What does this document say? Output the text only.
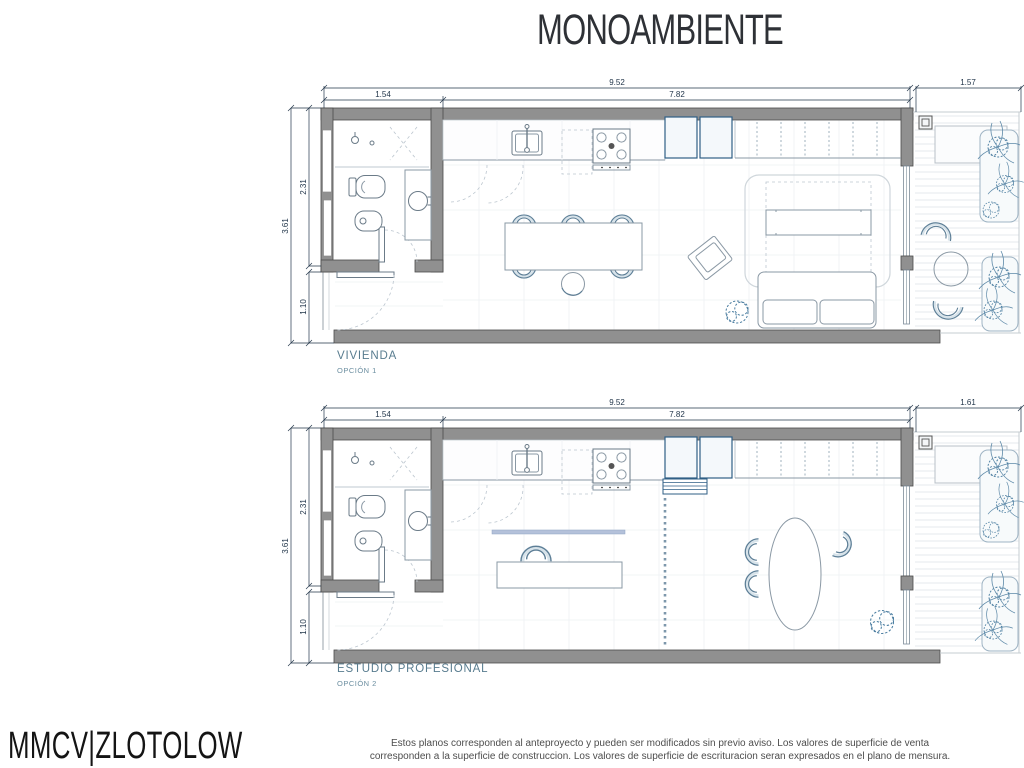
MONOAMBIENTE
9.52
1.54	7.82
1.57
3.61
2.31
1.10
9.52
1.54	7.82
1.61
3.61
2.31
1.10
VIVIENDA
OPCIÓN 1
ESTUDIO PROFESIONAL
OPCIÓN 2
MMCV|ZLOTOLOW	Estos planos corresponden al anteproyecto y pueden ser modificados sin previo aviso. Los valores de superficie de venta
corresponden a la superficie de construccion. Los valores de superficie de escrituracion seran expresados en el plano de mensura.
